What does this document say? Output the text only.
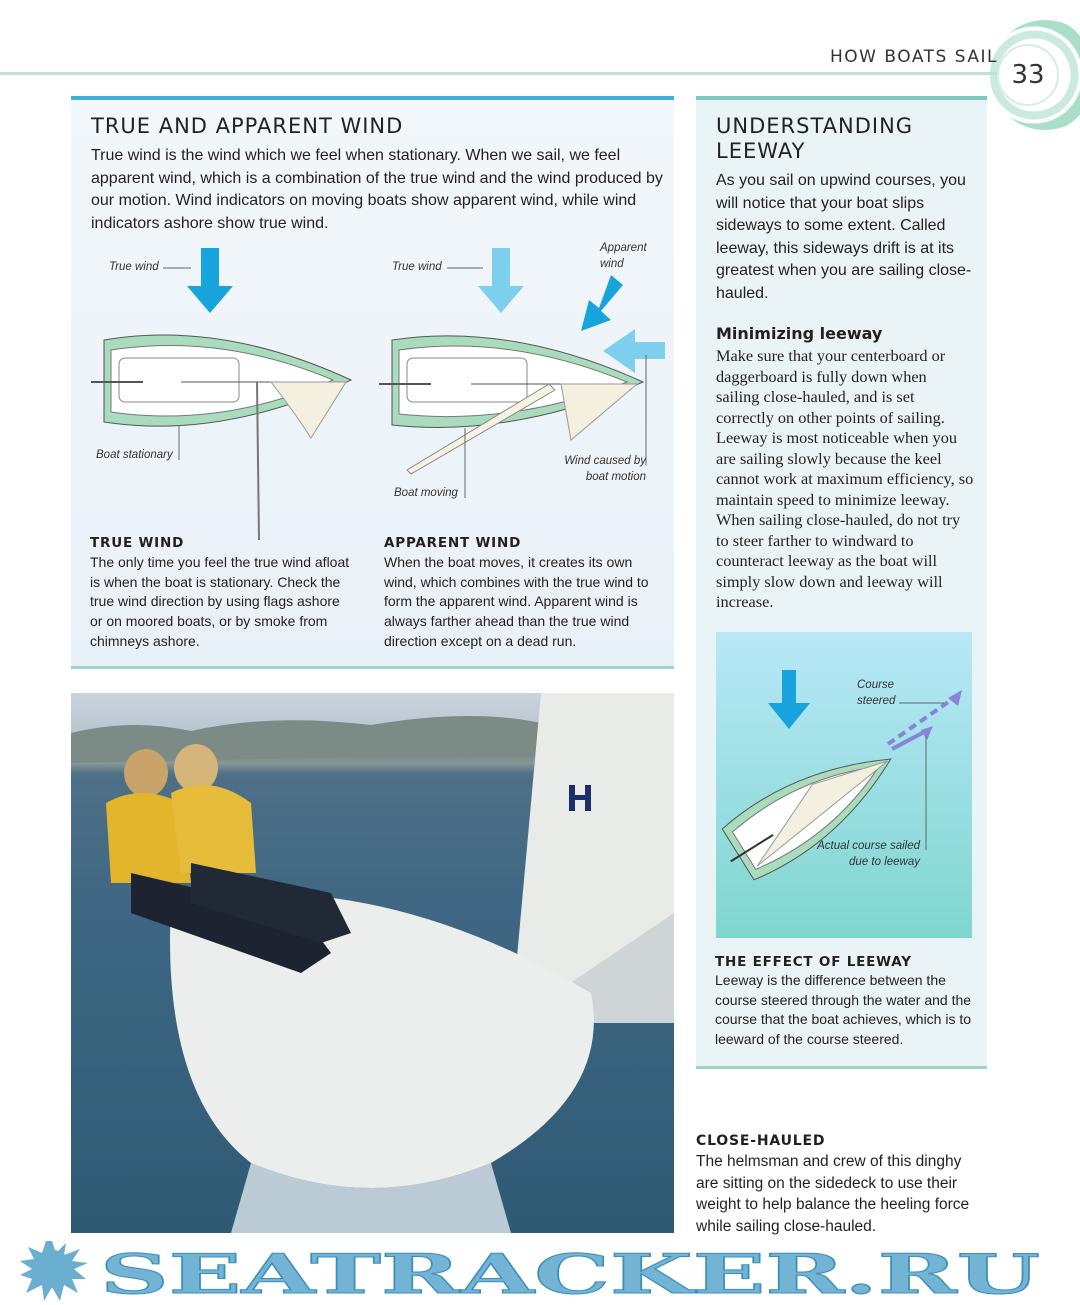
HOW BOATS SAIL
33
TRUE AND APPARENT WIND

True wind is the wind which we feel when stationary. When we sail, we feel apparent wind, which is a combination of the true wind and the wind produced by our motion. Wind indicators on moving boats show apparent wind, while wind indicators ashore show true wind.

True wind
Boat stationary
True wind
Apparent wind
Wind caused by boat motion
Boat moving
TRUE WIND

The only time you feel the true wind afloat is when the boat is stationary. Check the true wind direction by using flags ashore or on moored boats, or by smoke from chimneys ashore.

APPARENT WIND

When the boat moves, it creates its own wind, which combines with the true wind to form the apparent wind. Apparent wind is always farther ahead than the true wind direction except on a dead run.

UNDERSTANDING LEEWAY

As you sail on upwind courses, you will notice that your boat slips sideways to some extent. Called leeway, this sideways drift is at its greatest when you are sailing close-hauled.

Minimizing leeway

Make sure that your centerboard or daggerboard is fully down when sailing close-hauled, and is set correctly on other points of sailing. Leeway is most noticeable when you are sailing slowly because the keel cannot work at maximum efficiency, so maintain speed to minimize leeway. When sailing close-hauled, do not try to steer farther to windward to counteract leeway as the boat will simply slow down and leeway will increase.

Course steered
Actual course sailed due to leeway
THE EFFECT OF LEEWAY

Leeway is the difference between the course steered through the water and the course that the boat achieves, which is to leeward of the course steered.

CLOSE-HAULED

The helmsman and crew of this dinghy are sitting on the sidedeck to use their weight to help balance the heeling force while sailing close-hauled.

SEATRACKER.RU
